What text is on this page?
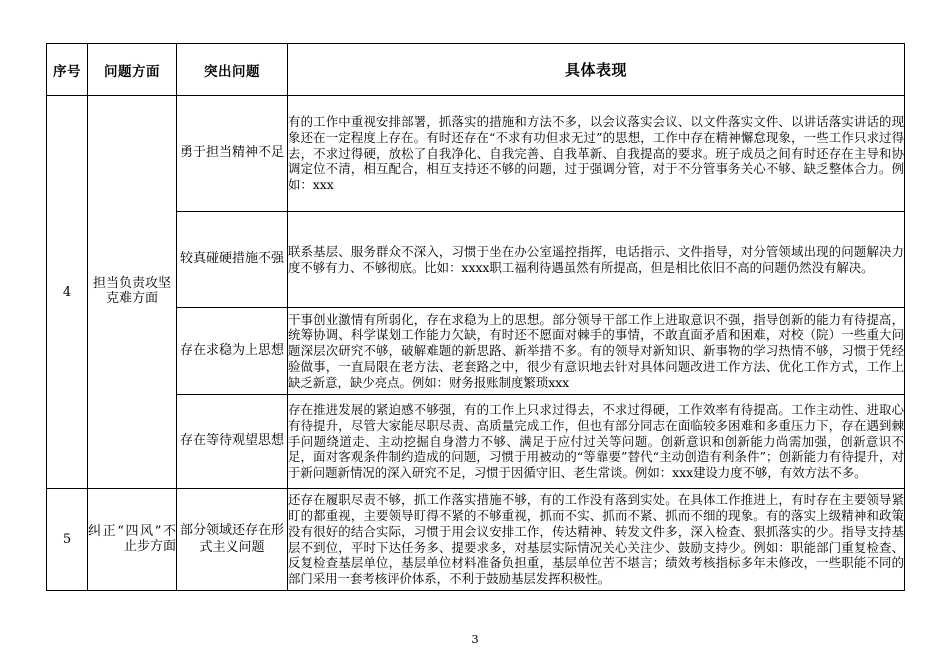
序号	问题方面	突出问题	具体表现
4	担当负责攻坚克难方面	勇于担当精神不足	有的工作中重视安排部署，抓落实的措施和方法不多，以会议落实会议、以文件落实文件、以讲话落实讲话的现象还在一定程度上存在。有时还存在“不求有功但求无过”的思想，工作中存在精神懈怠现象，一些工作只求过得去，不求过得硬，放松了自我净化、自我完善、自我革新、自我提高的要求。班子成员之间有时还存在主导和协调定位不清，相互配合，相互支持还不够的问题，过于强调分管，对于不分管事务关心不够、缺乏整体合力。例如：xxx
		较真碰硬措施不强	联系基层、服务群众不深入，习惯于坐在办公室遥控指挥，电话指示、文件指导，对分管领域出现的问题解决力度不够有力、不够彻底。比如：xxxx职工福利待遇虽然有所提高，但是相比依旧不高的问题仍然没有解决。
		存在求稳为上思想	干事创业激情有所弱化，存在求稳为上的思想。部分领导干部工作上进取意识不强，指导创新的能力有待提高，统筹协调、科学谋划工作能力欠缺，有时还不愿面对棘手的事情，不敢直面矛盾和困难，对校（院）一些重大问题深层次研究不够，破解难题的新思路、新举措不多。有的领导对新知识、新事物的学习热情不够，习惯于凭经验做事，一直局限在老方法、老套路之中，很少有意识地去针对具体问题改进工作方法、优化工作方式，工作上缺乏新意，缺少亮点。例如：财务报账制度繁琐xxx
		存在等待观望思想	存在推进发展的紧迫感不够强，有的工作上只求过得去，不求过得硬，工作效率有待提高。工作主动性、进取心有待提升，尽管大家能尽职尽责、高质量完成工作，但也有部分同志在面临较多困难和多重压力下，存在遇到棘手问题绕道走、主动挖掘自身潜力不够、满足于应付过关等问题。创新意识和创新能力尚需加强，创新意识不足，面对客观条件制约造成的问题，习惯于用被动的“等靠要”替代“主动创造有利条件”；创新能力有待提升，对于新问题新情况的深入研究不足，习惯于因循守旧、老生常谈。例如：xxx建设力度不够，有效方法不多。
5	纠正“四风”不止步方面	部分领域还存在形式主义问题	还存在履职尽责不够，抓工作落实措施不够，有的工作没有落到实处。在具体工作推进上，有时存在主要领导紧盯的都重视，主要领导盯得不紧的不够重视，抓而不实、抓而不紧、抓而不细的现象。有的落实上级精神和政策没有很好的结合实际，习惯于用会议安排工作，传达精神、转发文件多，深入检查、狠抓落实的少。指导支持基层不到位，平时下达任务多、提要求多，对基层实际情况关心关注少、鼓励支持少。例如：职能部门重复检查、反复检查基层单位，基层单位材料准备负担重，基层单位苦不堪言；绩效考核指标多年未修改，一些职能不同的部门采用一套考核评价体系，不利于鼓励基层发挥积极性。
3
